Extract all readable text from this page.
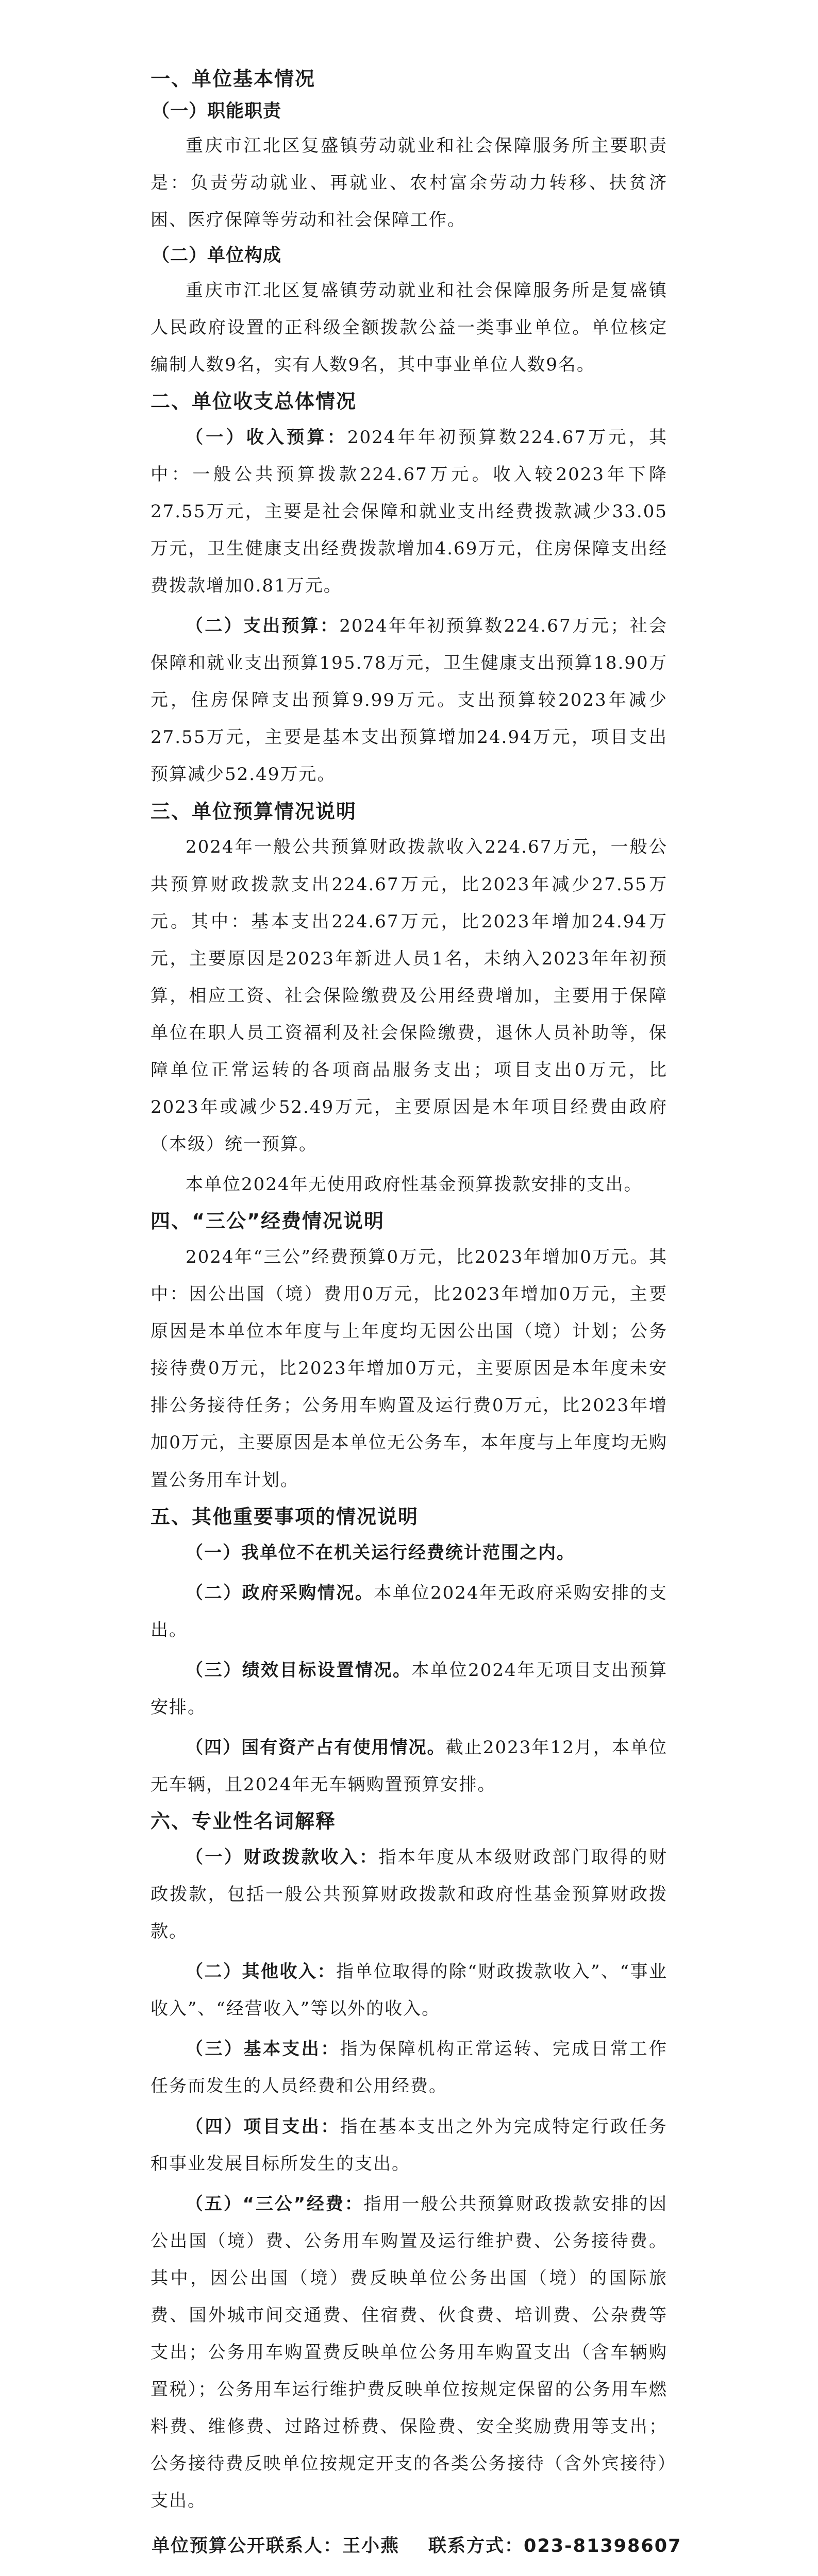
一、单位基本情况
（一）职能职责

重庆市江北区复盛镇劳动就业和社会保障服务所主要职责是：负责劳动就业、再就业、农村富余劳动力转移、扶贫济困、医疗保障等劳动和社会保障工作。

（二）单位构成

重庆市江北区复盛镇劳动就业和社会保障服务所是复盛镇人民政府设置的正科级全额拨款公益一类事业单位。单位核定编制人数9名，实有人数9名，其中事业单位人数9名。

二、单位收支总体情况

（一）收入预算：2024年年初预算数224.67万元，其中：一般公共预算拨款224.67万元。收入较2023年下降27.55万元，主要是社会保障和就业支出经费拨款减少33.05万元，卫生健康支出经费拨款增加4.69万元，住房保障支出经费拨款增加0.81万元。

（二）支出预算：2024年年初预算数224.67万元；社会保障和就业支出预算195.78万元，卫生健康支出预算18.90万元，住房保障支出预算9.99万元。支出预算较2023年减少27.55万元，主要是基本支出预算增加24.94万元，项目支出预算减少52.49万元。

三、单位预算情况说明

2024年一般公共预算财政拨款收入224.67万元，一般公共预算财政拨款支出224.67万元，比2023年减少27.55万元。其中：基本支出224.67万元，比2023年增加24.94万元，主要原因是2023年新进人员1名，未纳入2023年年初预算，相应工资、社会保险缴费及公用经费增加，主要用于保障单位在职人员工资福利及社会保险缴费，退休人员补助等，保障单位正常运转的各项商品服务支出；项目支出0万元，比2023年或减少52.49万元，主要原因是本年项目经费由政府（本级）统一预算。

本单位2024年无使用政府性基金预算拨款安排的支出。

四、“三公”经费情况说明

2024年“三公”经费预算0万元，比2023年增加0万元。其中：因公出国（境）费用0万元，比2023年增加0万元，主要原因是本单位本年度与上年度均无因公出国（境）计划；公务接待费0万元，比2023年增加0万元，主要原因是本年度未安排公务接待任务；公务用车购置及运行费0万元，比2023年增加0万元，主要原因是本单位无公务车，本年度与上年度均无购置公务用车计划。

五、其他重要事项的情况说明

（一）我单位不在机关运行经费统计范围之内。

（二）政府采购情况。本单位2024年无政府采购安排的支出。

（三）绩效目标设置情况。本单位2024年无项目支出预算安排。

（四）国有资产占有使用情况。截止2023年12月，本单位无车辆，且2024年无车辆购置预算安排。

六、专业性名词解释

（一）财政拨款收入：指本年度从本级财政部门取得的财政拨款，包括一般公共预算财政拨款和政府性基金预算财政拨款。

（二）其他收入：指单位取得的除“财政拨款收入”、“事业收入”、“经营收入”等以外的收入。

（三）基本支出：指为保障机构正常运转、完成日常工作任务而发生的人员经费和公用经费。

（四）项目支出：指在基本支出之外为完成特定行政任务和事业发展目标所发生的支出。

（五）“三公”经费：指用一般公共预算财政拨款安排的因公出国（境）费、公务用车购置及运行维护费、公务接待费。其中，因公出国（境）费反映单位公务出国（境）的国际旅费、国外城市间交通费、住宿费、伙食费、培训费、公杂费等支出；公务用车购置费反映单位公务用车购置支出（含车辆购置税）；公务用车运行维护费反映单位按规定保留的公务用车燃料费、维修费、过路过桥费、保险费、安全奖励费用等支出；公务接待费反映单位按规定开支的各类公务接待（含外宾接待）支出。

单位预算公开联系人：王小燕 联系方式：023-81398607
